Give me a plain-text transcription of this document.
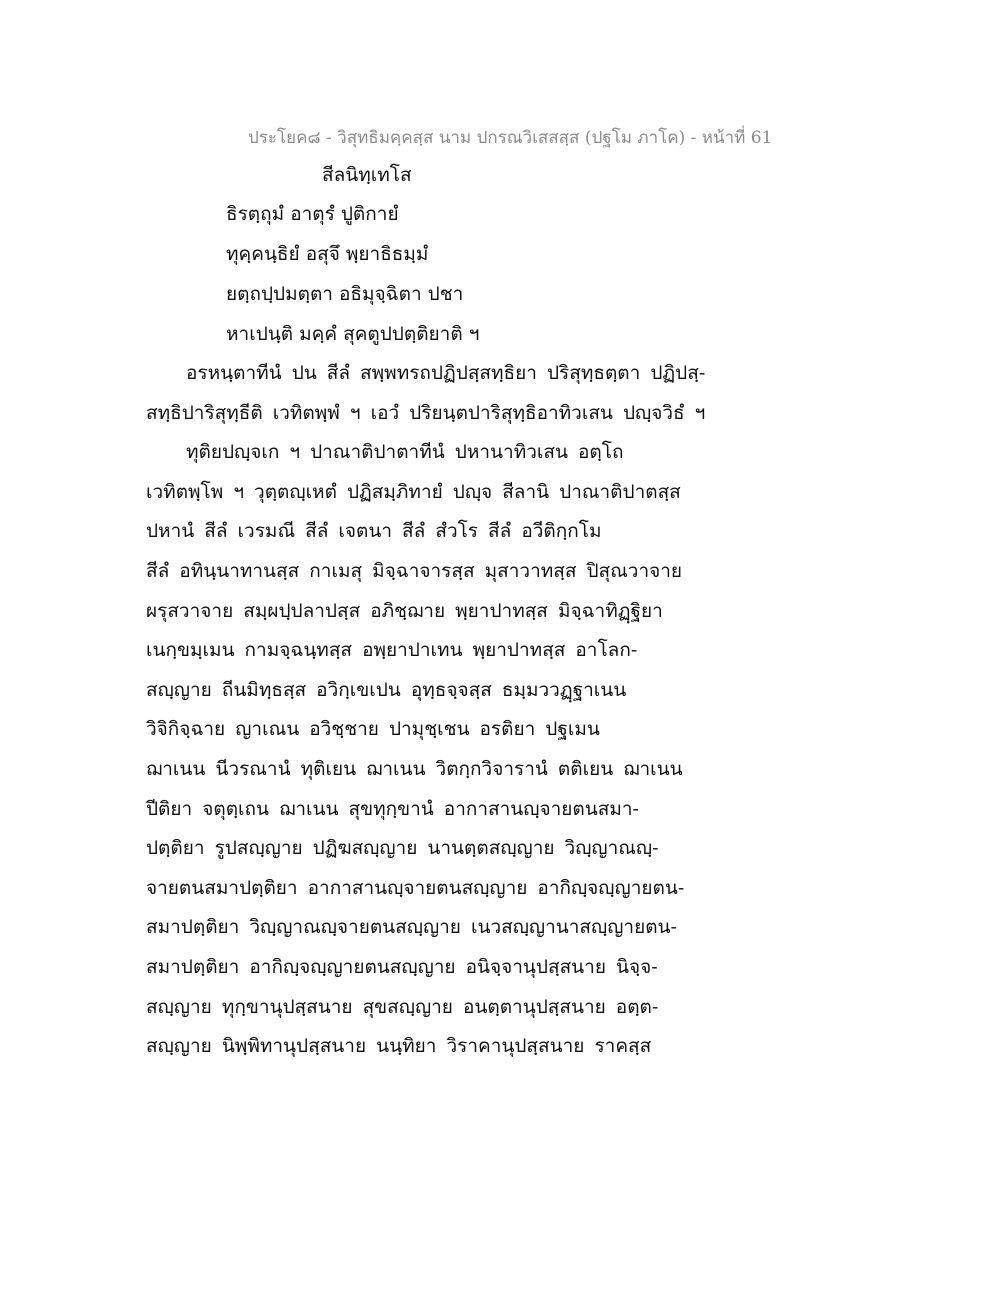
ประโยค๘ - วิสุทธิมคฺคสฺส นาม ปกรณวิเสสสฺส (ปฐโม ภาโค) - หน้าที่ 61
สีลนิทฺเทโส
ธิรตฺถุมํ อาตุรํ ปูติกายํ
ทุคฺคนฺธิยํ อสุจึ พฺยาธิธมฺมํ
ยตฺถปฺปมตฺตา อธิมุจฺฉิตา ปชา
หาเปนฺติ มคฺคํ สุคตูปปตฺติยาติ ฯ
อรหนฺตาทีนํ ปน สีลํ สพฺพทรถปฏิปสฺสทฺธิยา ปริสุทฺธตฺตา ปฏิปสฺ-
สทฺธิปาริสุทฺธีติ เวทิตพฺพํ ฯ เอวํ ปริยนฺตปาริสุทฺธิอาทิวเสน ปญฺจวิธํ ฯ
ทุติยปญฺจเก ฯ ปาณาติปาตาทีนํ ปหานาทิวเสน อตฺโถ
เวทิตพฺโพ ฯ วุตฺตญฺเหตํ ปฏิสมฺภิทายํ ปญฺจ สีลานิ ปาณาติปาตสฺส
ปหานํ สีลํ เวรมณี สีลํ เจตนา สีลํ สํวโร สีลํ อวีติกฺกโม
สีลํ อทินฺนาทานสฺส กาเมสุ มิจฺฉาจารสฺส มุสาวาทสฺส ปิสุณวาจาย
ผรุสวาจาย สมฺผปฺปลาปสฺส อภิชฺฌาย พฺยาปาทสฺส มิจฺฉาทิฏฺฐิยา
เนกฺขมฺเมน กามจฺฉนฺทสฺส อพฺยาปาเทน พฺยาปาทสฺส อาโลก-
สญฺญาย ถีนมิทฺธสฺส อวิกฺเขเปน อุทฺธจฺจสฺส ธมฺมววฏฺฐาเนน
วิจิกิจฺฉาย ญาเณน อวิชฺชาย ปามุชฺเชน อรติยา ปฐเมน
ฌาเนน นีวรณานํ ทุติเยน ฌาเนน วิตกฺกวิจารานํ ตติเยน ฌาเนน
ปีติยา จตุตฺเถน ฌาเนน สุขทุกฺขานํ อากาสานญฺจายตนสมา-
ปตฺติยา รูปสญฺญาย ปฏิฆสญฺญาย นานตฺตสญฺญาย วิญฺญาณญฺ-
จายตนสมาปตฺติยา อากาสานญฺจายตนสญฺญาย อากิญฺจญฺญายตน-
สมาปตฺติยา วิญฺญาณญฺจายตนสญฺญาย เนวสญฺญานาสญฺญายตน-
สมาปตฺติยา อากิญฺจญฺญายตนสญฺญาย อนิจฺจานุปสฺสนาย นิจฺจ-
สญฺญาย ทุกฺขานุปสฺสนาย สุขสญฺญาย อนตฺตานุปสฺสนาย อตฺต-
สญฺญาย นิพฺพิทานุปสฺสนาย นนฺทิยา วิราคานุปสฺสนาย ราคสฺส
